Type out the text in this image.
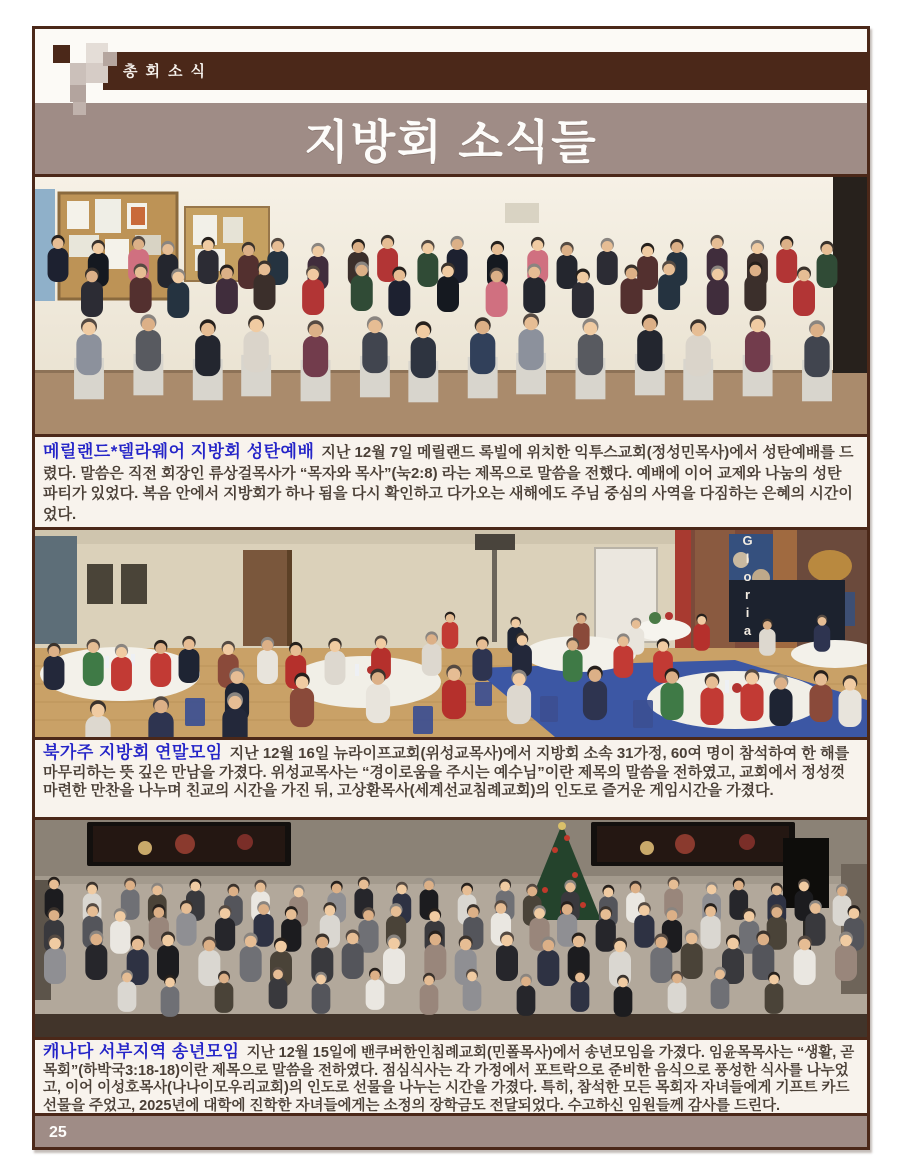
총회소식
지방회 소식들

메릴랜드*델라웨어 지방회 성탄예배 지난 12월 7일 메릴랜드 록빌에 위치한 익투스교회(정성민목사)에서 성탄예배를 드렸다. 말씀은 직전 회장인 류상걸목사가 “목자와 목사”(눅2:8) 라는 제목으로 말씀을 전했다. 예배에 이어 교제와 나눔의 성탄 파티가 있었다. 복음 안에서 지방회가 하나 됨을 다시 확인하고 다가오는 새해에도 주님 중심의 사역을 다짐하는 은혜의 시간이었다.

Gloria

북가주 지방회 연말모임 지난 12월 16일 뉴라이프교회(위성교목사)에서 지방회 소속 31가정, 60여 명이 참석하여 한 해를 마무리하는 뜻 깊은 만남을 가졌다. 위성교목사는 “경이로움을 주시는 예수님”이란 제목의 말씀을 전하였고, 교회에서 정성껏 마련한 만찬을 나누며 친교의 시간을 가진 뒤, 고상환목사(세계선교침례교회)의 인도로 즐거운 게임시간을 가졌다.

캐나다 서부지역 송년모임 지난 12월 15일에 밴쿠버한인침례교회(민폴목사)에서 송년모임을 가졌다. 임윤목목사는 “생활, 곧 목회”(하박국3:18-18)이란 제목으로 말씀을 전하였다. 점심식사는 각 가정에서 포트락으로 준비한 음식으로 풍성한 식사를 나누었고, 이어 이성호목사(나나이모우리교회)의 인도로 선물을 나누는 시간을 가졌다. 특히, 참석한 모든 목회자 자녀들에게 기프트 카드 선물을 주었고, 2025년에 대학에 진학한 자녀들에게는 소정의 장학금도 전달되었다. 수고하신 임원들께 감사를 드린다.

25
